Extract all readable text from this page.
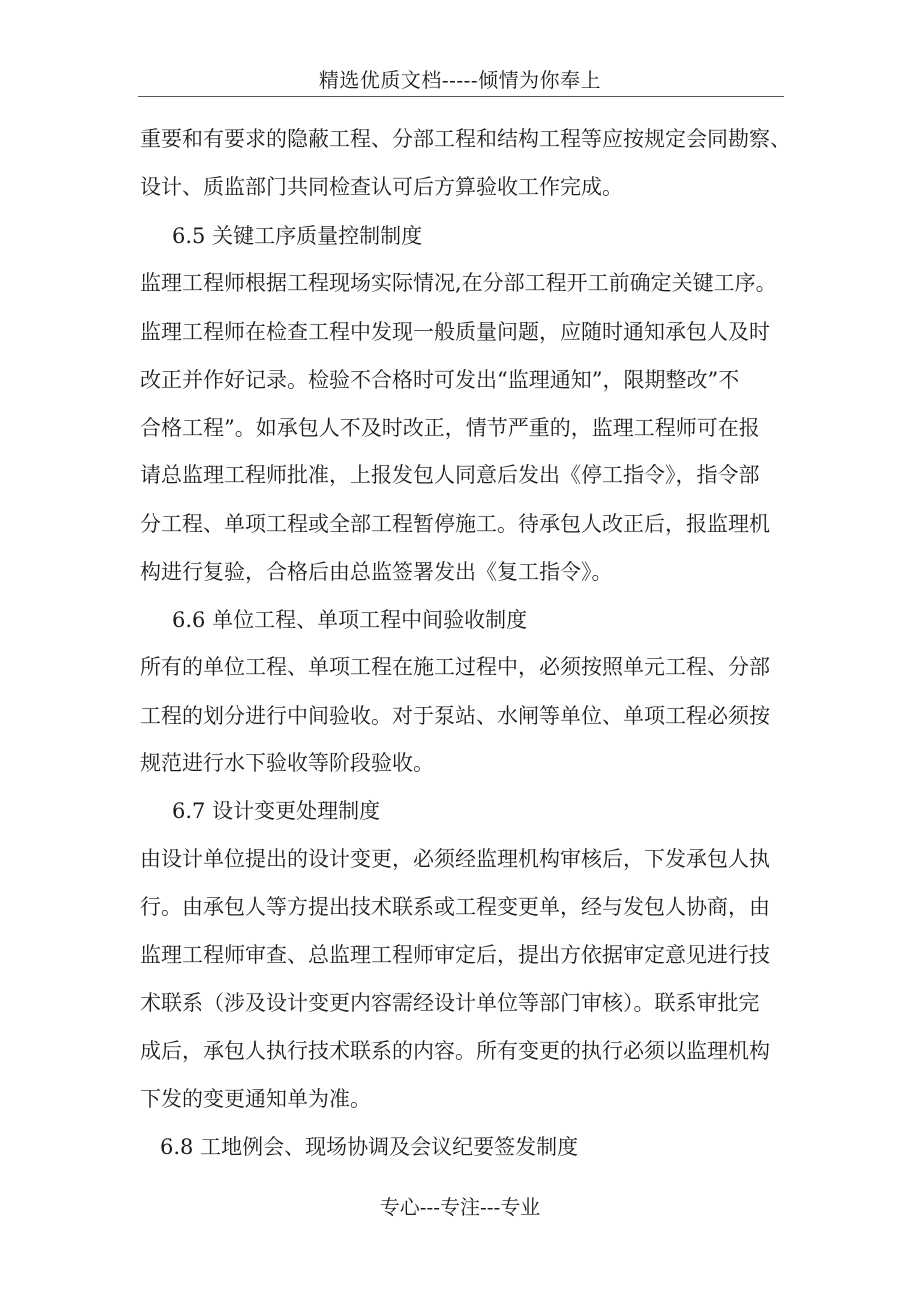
精选优质文档-----倾情为你奉上
重要和有要求的隐蔽工程、分部工程和结构工程等应按规定会同勘察、
设计、质监部门共同检查认可后方算验收工作完成。
6.5 关键工序质量控制制度
监理工程师根据工程现场实际情况,在分部工程开工前确定关键工序。
监理工程师在检查工程中发现一般质量问题，应随时通知承包人及时
改正并作好记录。检验不合格时可发出“监理通知”，限期整改”不
合格工程”。如承包人不及时改正，情节严重的，监理工程师可在报
请总监理工程师批准，上报发包人同意后发出《停工指令》，指令部
分工程、单项工程或全部工程暂停施工。待承包人改正后，报监理机
构进行复验，合格后由总监签署发出《复工指令》。
6.6 单位工程、单项工程中间验收制度
所有的单位工程、单项工程在施工过程中，必须按照单元工程、分部
工程的划分进行中间验收。对于泵站、水闸等单位、单项工程必须按
规范进行水下验收等阶段验收。
6.7 设计变更处理制度
由设计单位提出的设计变更，必须经监理机构审核后，下发承包人执
行。由承包人等方提出技术联系或工程变更单，经与发包人协商，由
监理工程师审查、总监理工程师审定后，提出方依据审定意见进行技
术联系（涉及设计变更内容需经设计单位等部门审核）。联系审批完
成后，承包人执行技术联系的内容。所有变更的执行必须以监理机构
下发的变更通知单为准。
6.8 工地例会、现场协调及会议纪要签发制度
专心---专注---专业
